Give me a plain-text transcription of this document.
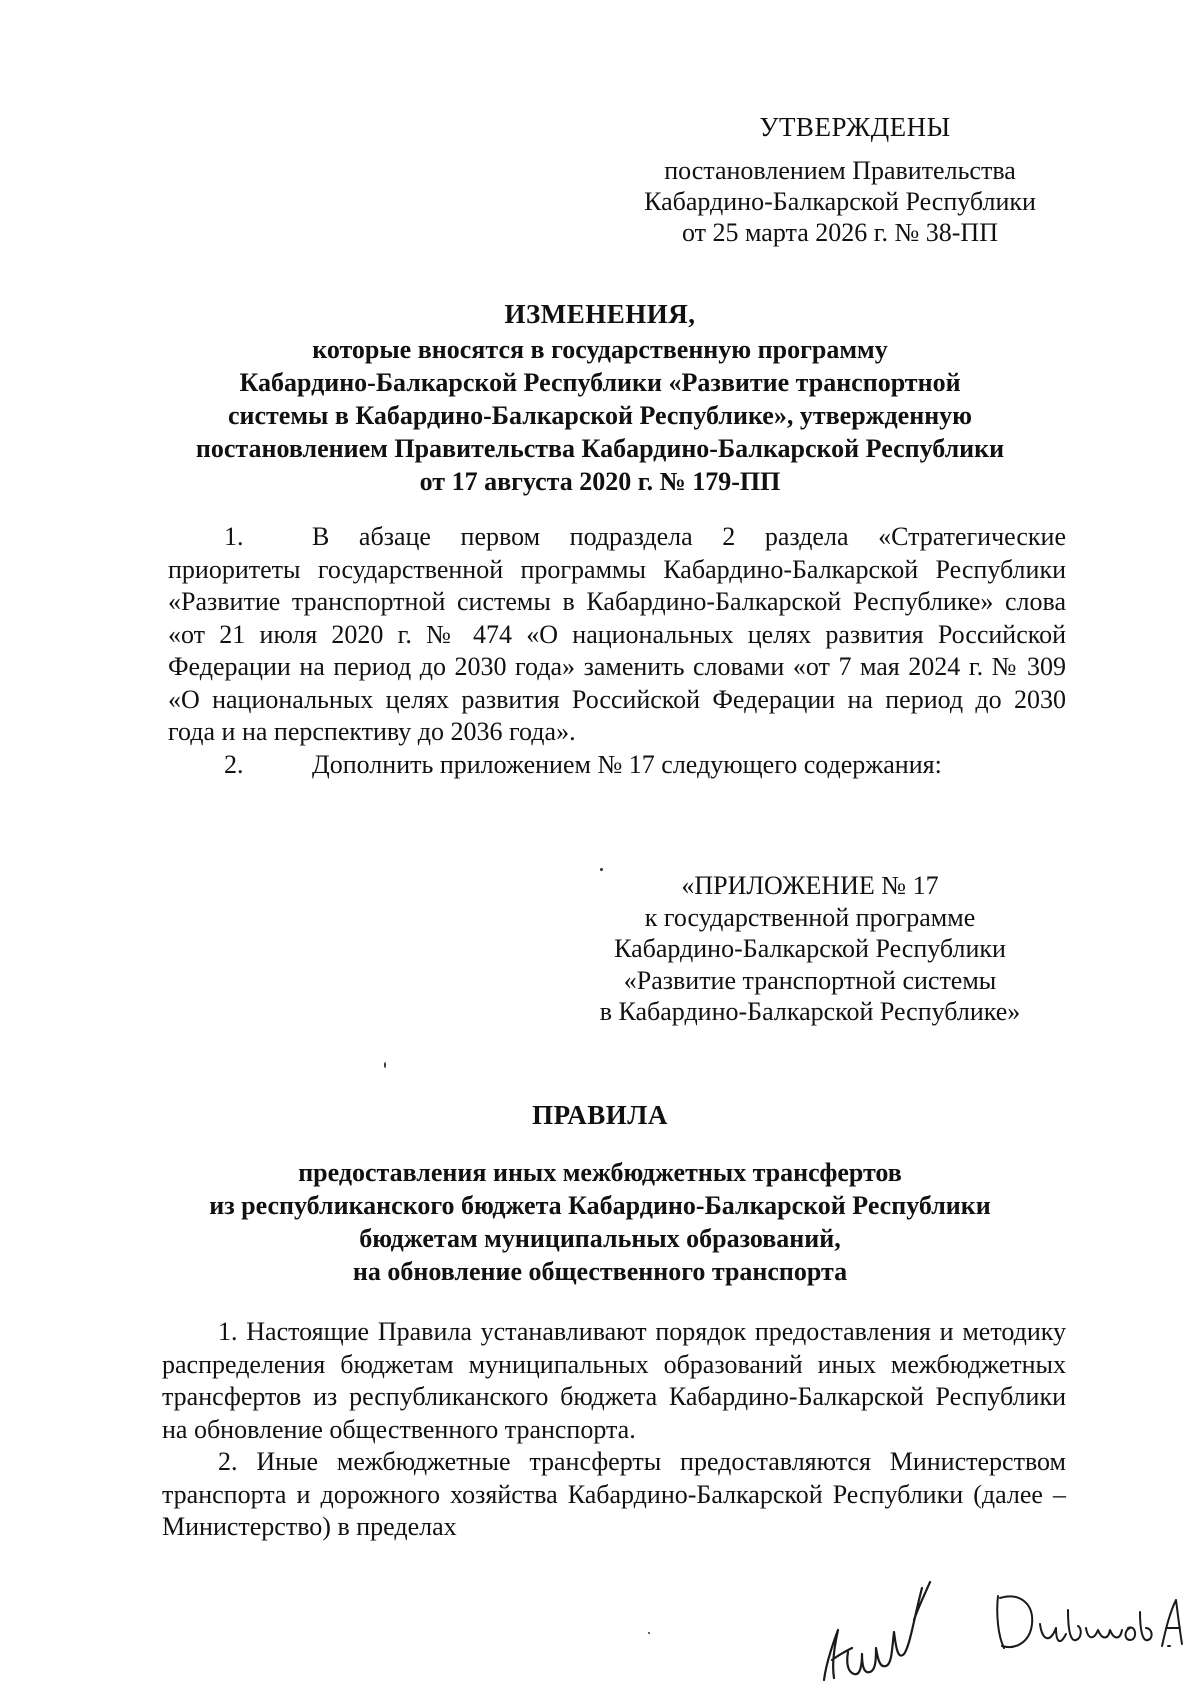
УТВЕРЖДЕНЫ
постановлением Правительства
Кабардино-Балкарской Республики
от 25 марта 2026 г. № 38-ПП
ИЗМЕНЕНИЯ,
которые вносятся в государственную программу
Кабардино-Балкарской Республики «Развитие транспортной
системы в Кабардино-Балкарской Республике», утвержденную
постановлением Правительства Кабардино-Балкарской Республики
от 17 августа 2020 г. № 179-ПП

1.	В абзаце первом подраздела 2 раздела «Стратегические приоритеты государственной программы Кабардино-Балкарской Республики «Развитие транспортной системы в Кабардино-Балкарской Республике» слова «от 21 июля 2020 г. № 474 «О национальных целях развития Российской Федерации на период до 2030 года» заменить словами «от 7 мая 2024 г. № 309 «О национальных целях развития Российской Федерации на период до 2030 года и на перспективу до 2036 года».

2.	Дополнить приложением № 17 следующего содержания:

«ПРИЛОЖЕНИЕ № 17
к государственной программе
Кабардино-Балкарской Республики
«Развитие транспортной системы
в Кабардино-Балкарской Республике»
ПРАВИЛА
предоставления иных межбюджетных трансфертов
из республиканского бюджета Кабардино-Балкарской Республики
бюджетам муниципальных образований,
на обновление общественного транспорта

1. Настоящие Правила устанавливают порядок предоставления и методику распределения бюджетам муниципальных образований иных межбюджетных трансфертов из республиканского бюджета Кабардино-Балкарской Республики на обновление общественного транспорта.

2. Иные межбюджетные трансферты предоставляются Министерством транспорта и дорожного хозяйства Кабардино-Балкарской Республики (далее – Министерство) в пределах
